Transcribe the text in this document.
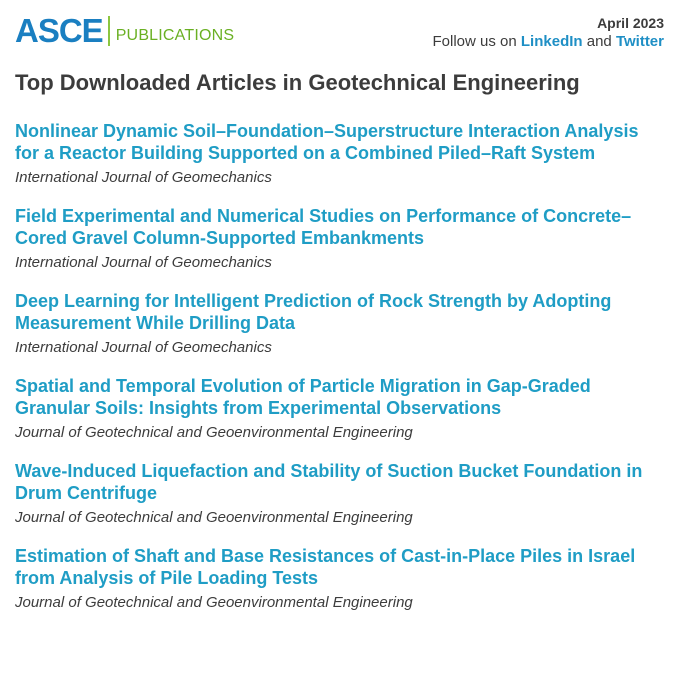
ASCE PUBLICATIONS
April 2023
Follow us on LinkedIn and Twitter
Top Downloaded Articles in Geotechnical Engineering
Nonlinear Dynamic Soil–Foundation–Superstructure Interaction Analysis for a Reactor Building Supported on a Combined Piled–Raft System
International Journal of Geomechanics
Field Experimental and Numerical Studies on Performance of Concrete–Cored Gravel Column-Supported Embankments
International Journal of Geomechanics
Deep Learning for Intelligent Prediction of Rock Strength by Adopting Measurement While Drilling Data
International Journal of Geomechanics
Spatial and Temporal Evolution of Particle Migration in Gap-Graded Granular Soils: Insights from Experimental Observations
Journal of Geotechnical and Geoenvironmental Engineering
Wave-Induced Liquefaction and Stability of Suction Bucket Foundation in Drum Centrifuge
Journal of Geotechnical and Geoenvironmental Engineering
Estimation of Shaft and Base Resistances of Cast-in-Place Piles in Israel from Analysis of Pile Loading Tests
Journal of Geotechnical and Geoenvironmental Engineering
